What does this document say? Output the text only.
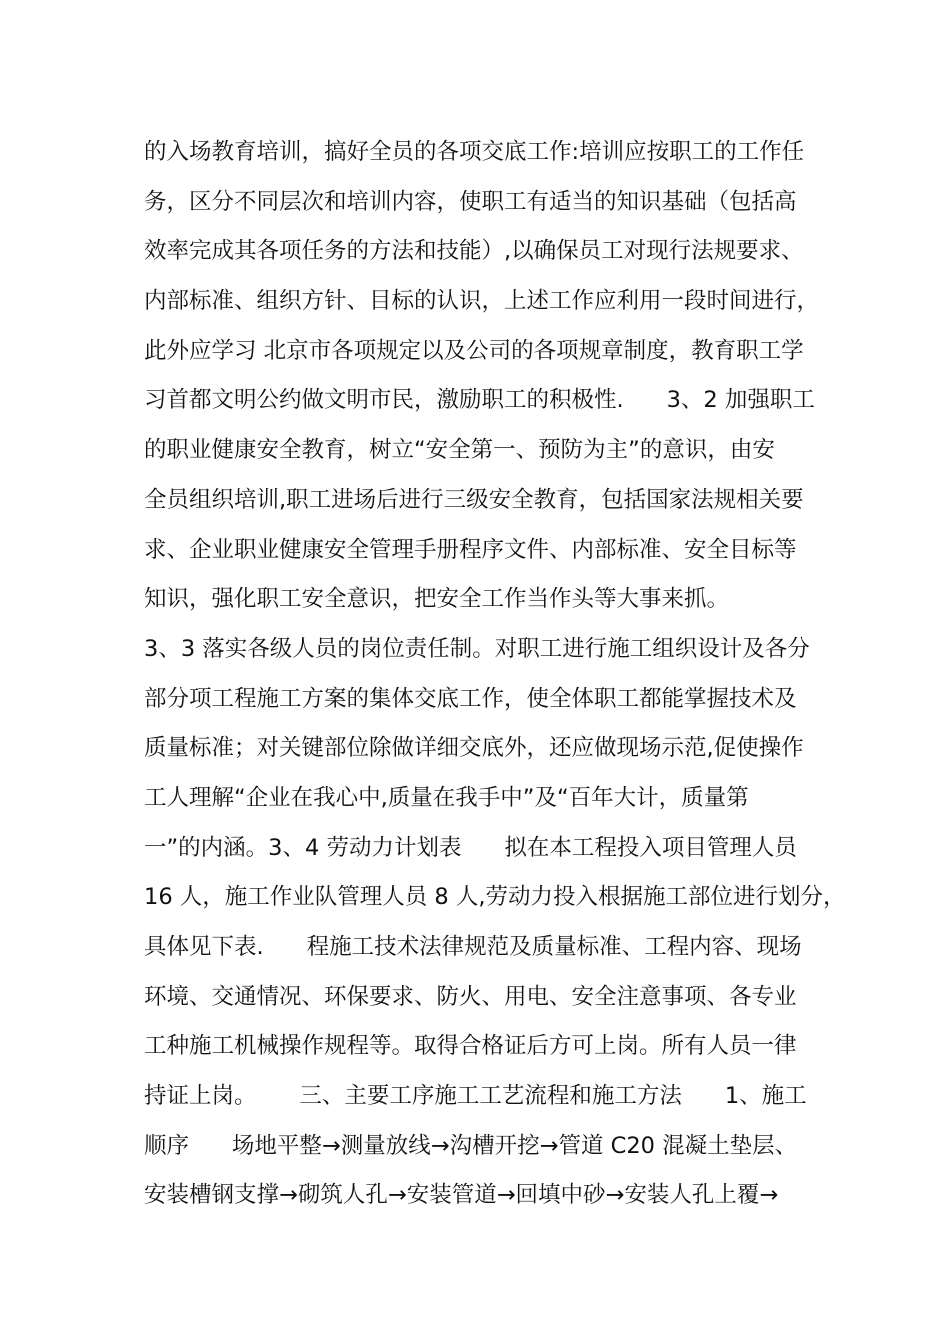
的入场教育培训，搞好全员的各项交底工作:培训应按职工的工作任
务，区分不同层次和培训内容，使职工有适当的知识基础（包括高
效率完成其各项任务的方法和技能）,以确保员工对现行法规要求、
内部标准、组织方针、目标的认识，上述工作应利用一段时间进行，
此外应学习 北京市各项规定以及公司的各项规章制度，教育职工学
习首都文明公约做文明市民，激励职工的积极性.      3、2 加强职工
的职业健康安全教育，树立“安全第一、预防为主”的意识，由安
全员组织培训,职工进场后进行三级安全教育，包括国家法规相关要
求、企业职业健康安全管理手册程序文件、内部标准、安全目标等
知识，强化职工安全意识，把安全工作当作头等大事来抓。
3、3 落实各级人员的岗位责任制。对职工进行施工组织设计及各分
部分项工程施工方案的集体交底工作，使全体职工都能掌握技术及
质量标准；对关键部位除做详细交底外，还应做现场示范,促使操作
工人理解“企业在我心中,质量在我手中”及“百年大计，质量第
一”的内涵。3、4 劳动力计划表      拟在本工程投入项目管理人员
16 人，施工作业队管理人员 8 人,劳动力投入根据施工部位进行划分，
具体见下表.      程施工技术法律规范及质量标准、工程内容、现场
环境、交通情况、环保要求、防火、用电、安全注意事项、各专业
工种施工机械操作规程等。取得合格证后方可上岗。所有人员一律
持证上岗。      三、主要工序施工工艺流程和施工方法      1、施工
顺序      场地平整→测量放线→沟槽开挖→管道 C20 混凝土垫层、
安装槽钢支撑→砌筑人孔→安装管道→回填中砂→安装人孔上覆→
